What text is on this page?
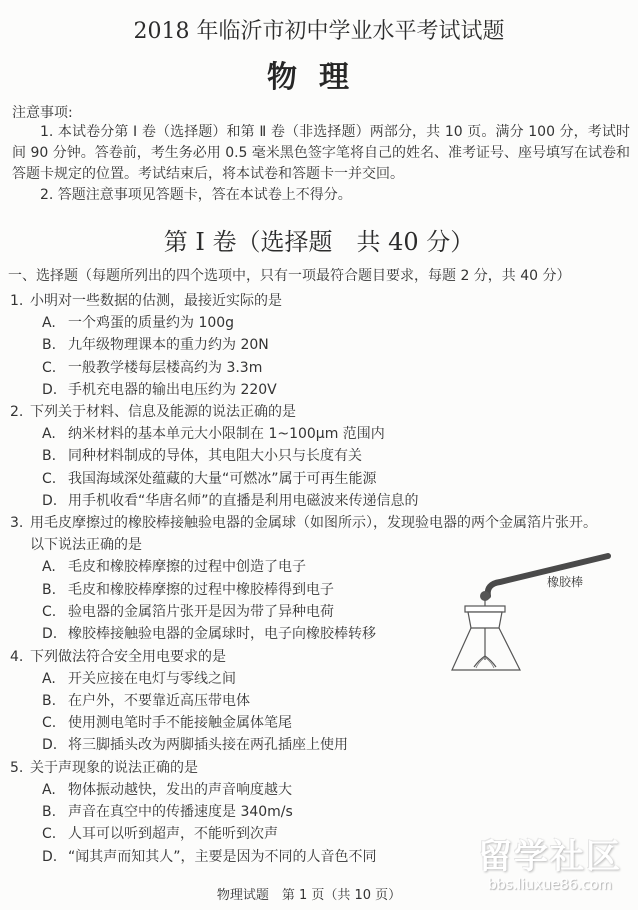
2018 年临沂市初中学业水平考试试题
物理
注意事项:

1. 本试卷分第 Ⅰ 卷（选择题）和第 Ⅱ 卷（非选择题）两部分，共 10 页。满分 100 分，考试时间 90 分钟。答卷前，考生务必用 0.5 毫米黑色签字笔将自己的姓名、准考证号、座号填写在试卷和答题卡规定的位置。考试结束后，将本试卷和答题卡一并交回。

2. 答题注意事项见答题卡，答在本试卷上不得分。

第 Ⅰ 卷（选择题　共 40 分）
一、选择题（每题所列出的四个选项中，只有一项最符合题目要求，每题 2 分，共 40 分）
1. 小明对一些数据的估测，最接近实际的是
A. 一个鸡蛋的质量约为 100g
B. 九年级物理课本的重力约为 20N
C. 一般教学楼每层楼高约为 3.3m
D. 手机充电器的输出电压约为 220V
2. 下列关于材料、信息及能源的说法正确的是
A. 纳米材料的基本单元大小限制在 1~100μm 范围内
B. 同种材料制成的导体，其电阻大小只与长度有关
C. 我国海域深处蕴藏的大量“可燃冰”属于可再生能源
D. 用手机收看“华唐名师”的直播是利用电磁波来传递信息的
3. 用毛皮摩擦过的橡胶棒接触验电器的金属球（如图所示），发现验电器的两个金属箔片张开。
以下说法正确的是
A. 毛皮和橡胶棒摩擦的过程中创造了电子
B. 毛皮和橡胶棒摩擦的过程中橡胶棒得到电子
C. 验电器的金属箔片张开是因为带了异种电荷
D. 橡胶棒接触验电器的金属球时，电子向橡胶棒转移
4. 下列做法符合安全用电要求的是
A. 开关应接在电灯与零线之间
B. 在户外，不要靠近高压带电体
C. 使用测电笔时手不能接触金属体笔尾
D. 将三脚插头改为两脚插头接在两孔插座上使用
5. 关于声现象的说法正确的是
A. 物体振动越快，发出的声音响度越大
B. 声音在真空中的传播速度是 340m/s
C. 人耳可以听到超声，不能听到次声
D. “闻其声而知其人”，主要是因为不同的人音色不同
橡胶棒
物理试题　第 1 页（共 10 页）
留学社区
bbs.liuxue86.com
